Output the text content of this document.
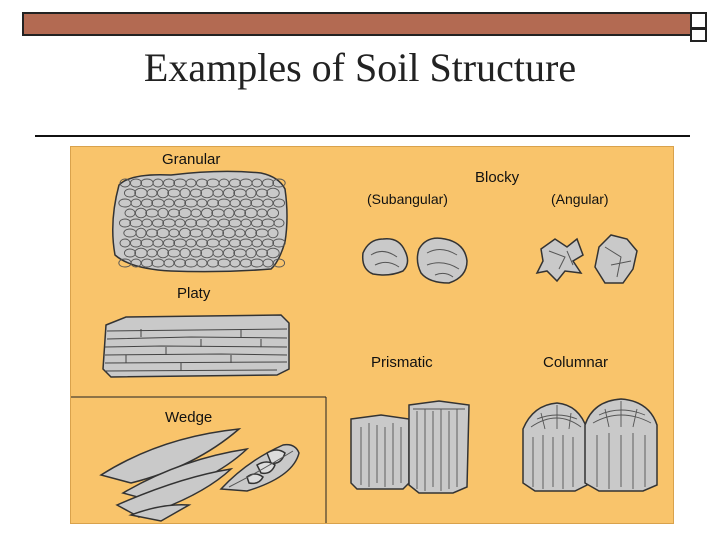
Examples of Soil Structure
Granular
Blocky
(Subangular)	(Angular)
Platy
Prismatic	Columnar
Wedge
